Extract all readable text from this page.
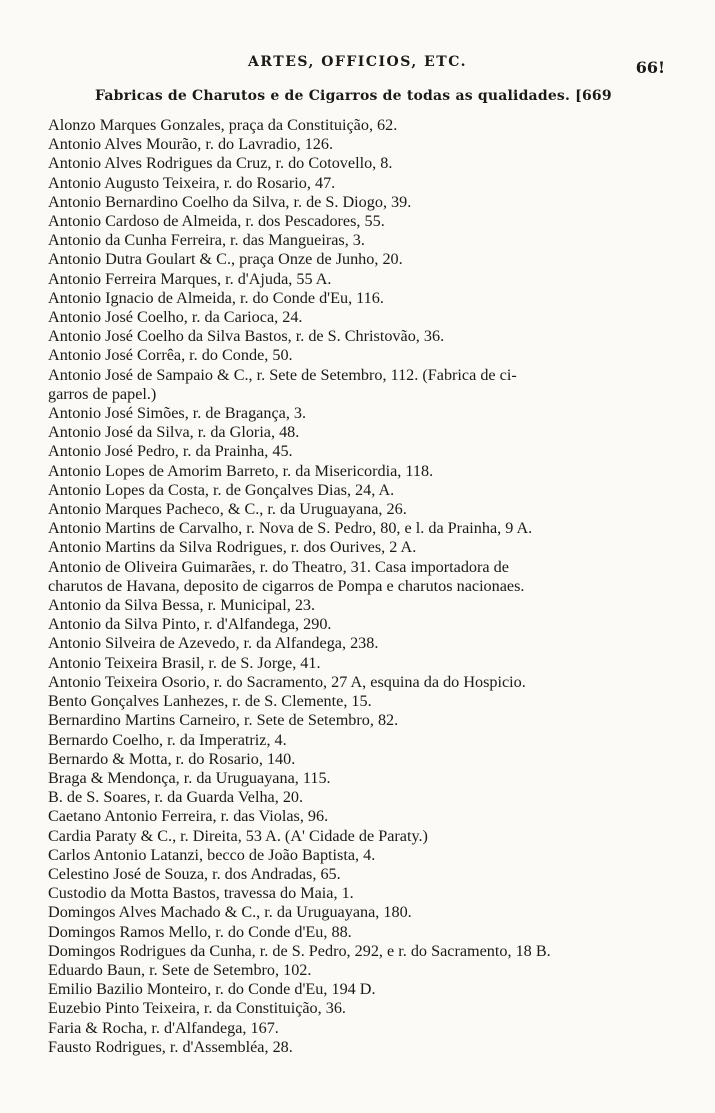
ARTES, OFFICIOS, ETC.	66!
Fabricas de Charutos e de Cigarros de todas as qualidades. [669
Alonzo Marques Gonzales, praça da Constituição, 62.
Antonio Alves Mourão, r. do Lavradio, 126.
Antonio Alves Rodrigues da Cruz, r. do Cotovello, 8.
Antonio Augusto Teixeira, r. do Rosario, 47.
Antonio Bernardino Coelho da Silva, r. de S. Diogo, 39.
Antonio Cardoso de Almeida, r. dos Pescadores, 55.
Antonio da Cunha Ferreira, r. das Mangueiras, 3.
Antonio Dutra Goulart & C., praça Onze de Junho, 20.
Antonio Ferreira Marques, r. d'Ajuda, 55 A.
Antonio Ignacio de Almeida, r. do Conde d'Eu, 116.
Antonio José Coelho, r. da Carioca, 24.
Antonio José Coelho da Silva Bastos, r. de S. Christovão, 36.
Antonio José Corrêa, r. do Conde, 50.
Antonio José de Sampaio & C., r. Sete de Setembro, 112. (Fabrica de ci-
garros de papel.)
Antonio José Simões, r. de Bragança, 3.
Antonio José da Silva, r. da Gloria, 48.
Antonio José Pedro, r. da Prainha, 45.
Antonio Lopes de Amorim Barreto, r. da Misericordia, 118.
Antonio Lopes da Costa, r. de Gonçalves Dias, 24, A.
Antonio Marques Pacheco, & C., r. da Uruguayana, 26.
Antonio Martins de Carvalho, r. Nova de S. Pedro, 80, e l. da Prainha, 9 A.
Antonio Martins da Silva Rodrigues, r. dos Ourives, 2 A.
Antonio de Oliveira Guimarães, r. do Theatro, 31. Casa importadora de
charutos de Havana, deposito de cigarros de Pompa e charutos nacionaes.
Antonio da Silva Bessa, r. Municipal, 23.
Antonio da Silva Pinto, r. d'Alfandega, 290.
Antonio Silveira de Azevedo, r. da Alfandega, 238.
Antonio Teixeira Brasil, r. de S. Jorge, 41.
Antonio Teixeira Osorio, r. do Sacramento, 27 A, esquina da do Hospicio.
Bento Gonçalves Lanhezes, r. de S. Clemente, 15.
Bernardino Martins Carneiro, r. Sete de Setembro, 82.
Bernardo Coelho, r. da Imperatriz, 4.
Bernardo & Motta, r. do Rosario, 140.
Braga & Mendonça, r. da Uruguayana, 115.
B. de S. Soares, r. da Guarda Velha, 20.
Caetano Antonio Ferreira, r. das Violas, 96.
Cardia Paraty & C., r. Direita, 53 A. (A' Cidade de Paraty.)
Carlos Antonio Latanzi, becco de João Baptista, 4.
Celestino José de Souza, r. dos Andradas, 65.
Custodio da Motta Bastos, travessa do Maia, 1.
Domingos Alves Machado & C., r. da Uruguayana, 180.
Domingos Ramos Mello, r. do Conde d'Eu, 88.
Domingos Rodrigues da Cunha, r. de S. Pedro, 292, e r. do Sacramento, 18 B.
Eduardo Baun, r. Sete de Setembro, 102.
Emilio Bazilio Monteiro, r. do Conde d'Eu, 194 D.
Euzebio Pinto Teixeira, r. da Constituição, 36.
Faria & Rocha, r. d'Alfandega, 167.
Fausto Rodrigues, r. d'Assembléa, 28.
